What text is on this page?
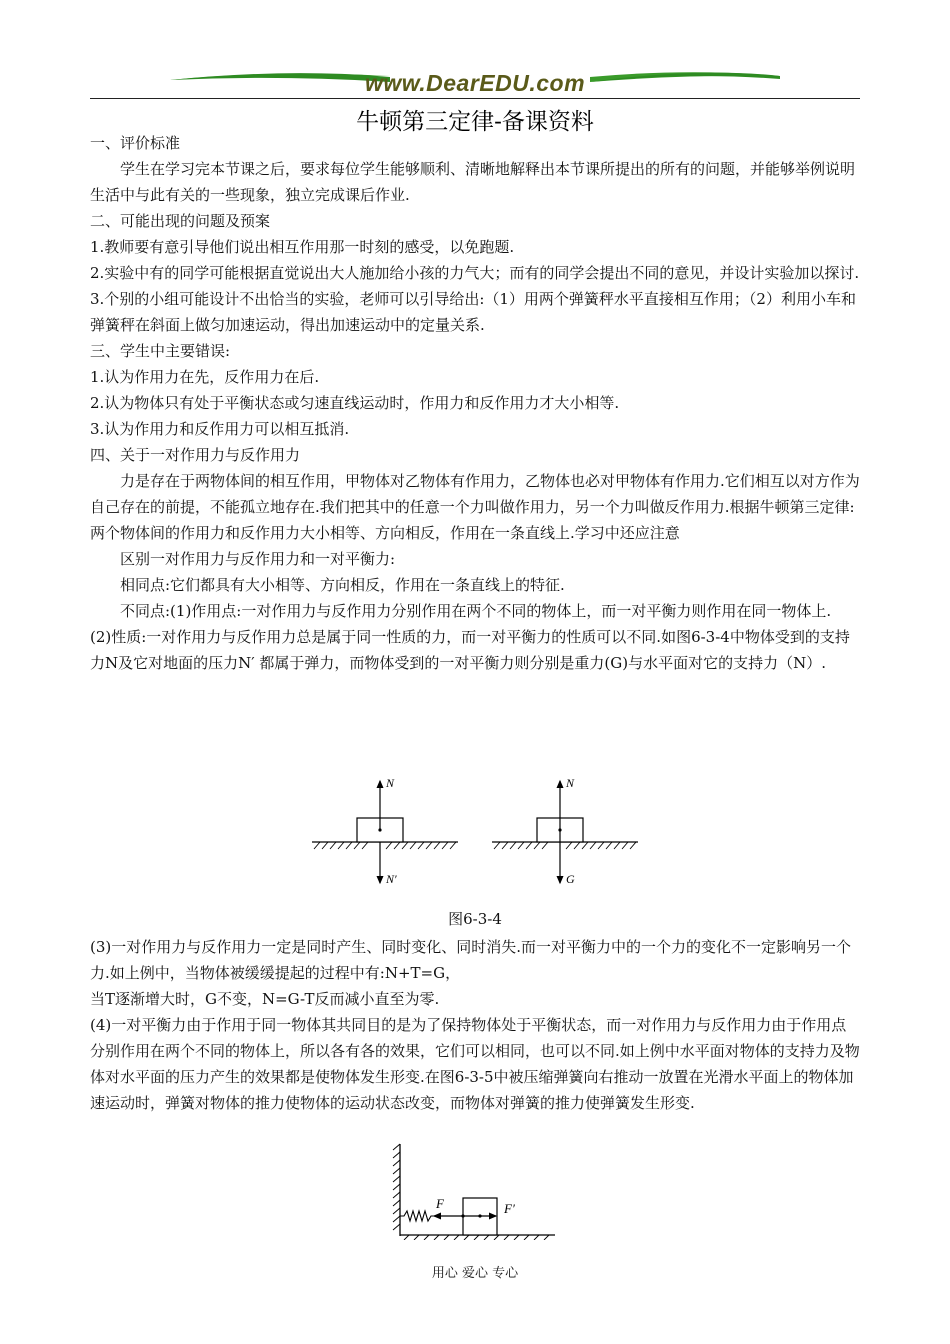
www.DearEDU.com
牛顿第三定律-备课资料

一、评价标准

学生在学习完本节课之后，要求每位学生能够顺利、清晰地解释出本节课所提出的所有的问题，并能够举例说明生活中与此有关的一些现象，独立完成课后作业.

二、可能出现的问题及预案

1.教师要有意引导他们说出相互作用那一时刻的感受，以免跑题.

2.实验中有的同学可能根据直觉说出大人施加给小孩的力气大；而有的同学会提出不同的意见，并设计实验加以探讨.

3.个别的小组可能设计不出恰当的实验，老师可以引导给出:（1）用两个弹簧秤水平直接相互作用；（2）利用小车和弹簧秤在斜面上做匀加速运动，得出加速运动中的定量关系.

三、学生中主要错误:

1.认为作用力在先，反作用力在后.

2.认为物体只有处于平衡状态或匀速直线运动时，作用力和反作用力才大小相等.

3.认为作用力和反作用力可以相互抵消.

四、关于一对作用力与反作用力

力是存在于两物体间的相互作用，甲物体对乙物体有作用力，乙物体也必对甲物体有作用力.它们相互以对方作为自己存在的前提，不能孤立地存在.我们把其中的任意一个力叫做作用力，另一个力叫做反作用力.根据牛顿第三定律:两个物体间的作用力和反作用力大小相等、方向相反，作用在一条直线上.学习中还应注意

区别一对作用力与反作用力和一对平衡力:

相同点:它们都具有大小相等、方向相反，作用在一条直线上的特征.

不同点:(1)作用点:一对作用力与反作用力分别作用在两个不同的物体上，而一对平衡力则作用在同一物体上.

(2)性质:一对作用力与反作用力总是属于同一性质的力，而一对平衡力的性质可以不同.如图6-3-4中物体受到的支持力N及它对地面的压力N′ 都属于弹力，而物体受到的一对平衡力则分别是重力(G)与水平面对它的支持力（N）.

N
N′
N
G
图6-3-4

(3)一对作用力与反作用力一定是同时产生、同时变化、同时消失.而一对平衡力中的一个力的变化不一定影响另一个力.如上例中，当物体被缓缓提起的过程中有:N+T=G，

当T逐渐增大时，G不变，N=G-T反而减小直至为零.

(4)一对平衡力由于作用于同一物体其共同目的是为了保持物体处于平衡状态，而一对作用力与反作用力由于作用点分别作用在两个不同的物体上，所以各有各的效果，它们可以相同，也可以不同.如上例中水平面对物体的支持力及物体对水平面的压力产生的效果都是使物体发生形变.在图6-3-5中被压缩弹簧向右推动一放置在光滑水平面上的物体加速运动时，弹簧对物体的推力使物体的运动状态改变，而物体对弹簧的推力使弹簧发生形变.

F	F′
用心 爱心 专心
